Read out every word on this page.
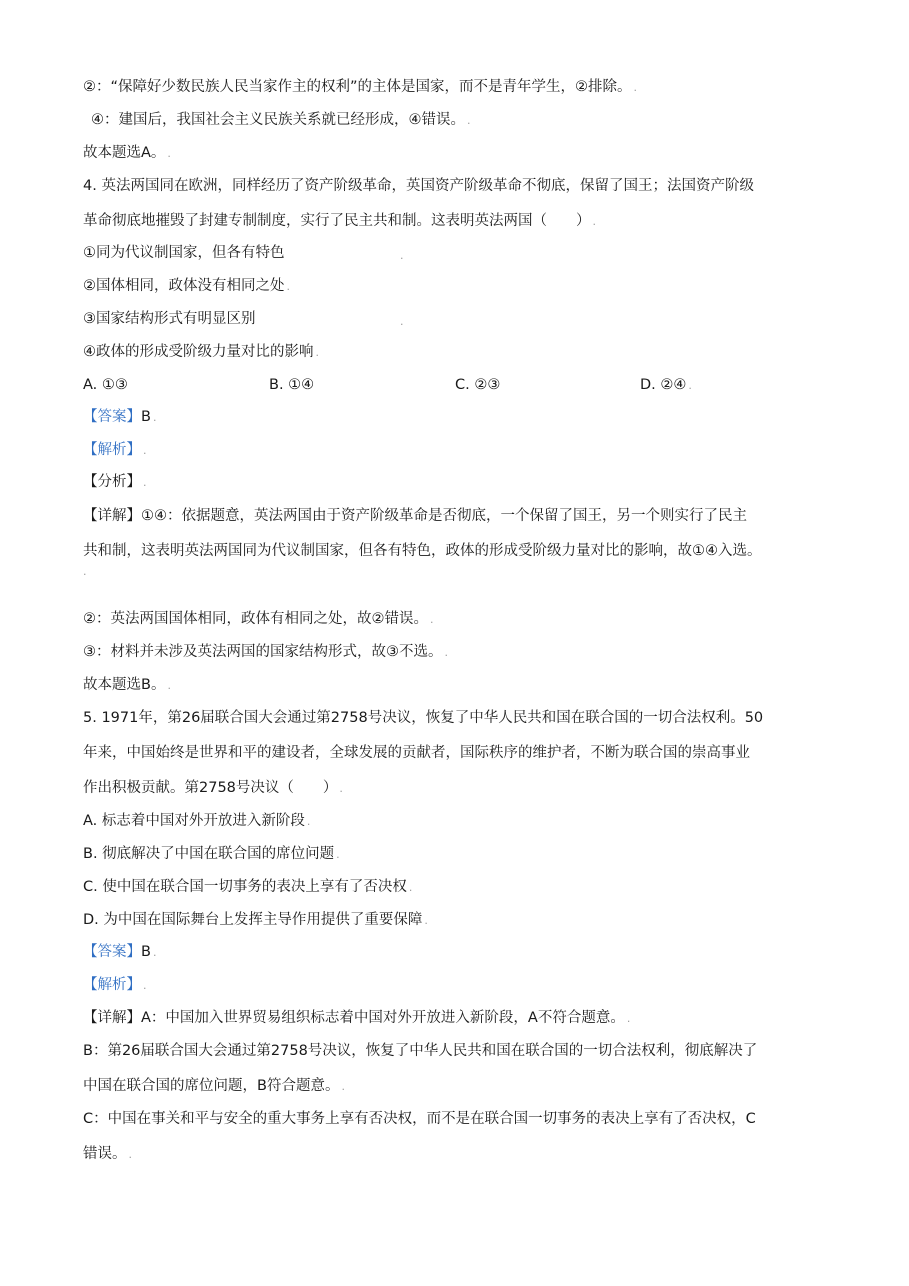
②：“保障好少数民族人民当家作主的权利”的主体是国家，而不是青年学生，②排除。 .
④：建国后，我国社会主义民族关系就已经形成，④错误。 .
故本题选A。 .
4. 英法两国同在欧洲，同样经历了资产阶级革命，英国资产阶级革命不彻底，保留了国王；法国资产阶级
革命彻底地摧毁了封建专制制度，实行了民主共和制。这表明英法两国（　　） .
①同为代议制国家，但各有特色	.
②国体相同，政体没有相同之处 .
③国家结构形式有明显区别	.
④政体的形成受阶级力量对比的影响 .
A. ①③	B. ①④	C. ②③	D. ②④ .
【答案】B .
【解析】 .
【分析】 .
【详解】①④：依据题意，英法两国由于资产阶级革命是否彻底，一个保留了国王，另一个则实行了民主
共和制，这表明英法两国同为代议制国家，但各有特色，政体的形成受阶级力量对比的影响，故①④入选。
.
②：英法两国国体相同，政体有相同之处，故②错误。 .
③：材料并未涉及英法两国的国家结构形式，故③不选。 .
故本题选B。 .
5. 1971年，第26届联合国大会通过第2758号决议，恢复了中华人民共和国在联合国的一切合法权利。50
年来，中国始终是世界和平的建设者，全球发展的贡献者，国际秩序的维护者，不断为联合国的崇高事业
作出积极贡献。第2758号决议（　　） .
A. 标志着中国对外开放进入新阶段 .
B. 彻底解决了中国在联合国的席位问题 .
C. 使中国在联合国一切事务的表决上享有了否决权 .
D. 为中国在国际舞台上发挥主导作用提供了重要保障 .
【答案】B .
【解析】 .
【详解】A：中国加入世界贸易组织标志着中国对外开放进入新阶段，A不符合题意。 .
B：第26届联合国大会通过第2758号决议，恢复了中华人民共和国在联合国的一切合法权利，彻底解决了
中国在联合国的席位问题，B符合题意。 .
C：中国在事关和平与安全的重大事务上享有否决权，而不是在联合国一切事务的表决上享有了否决权，C
错误。 .
